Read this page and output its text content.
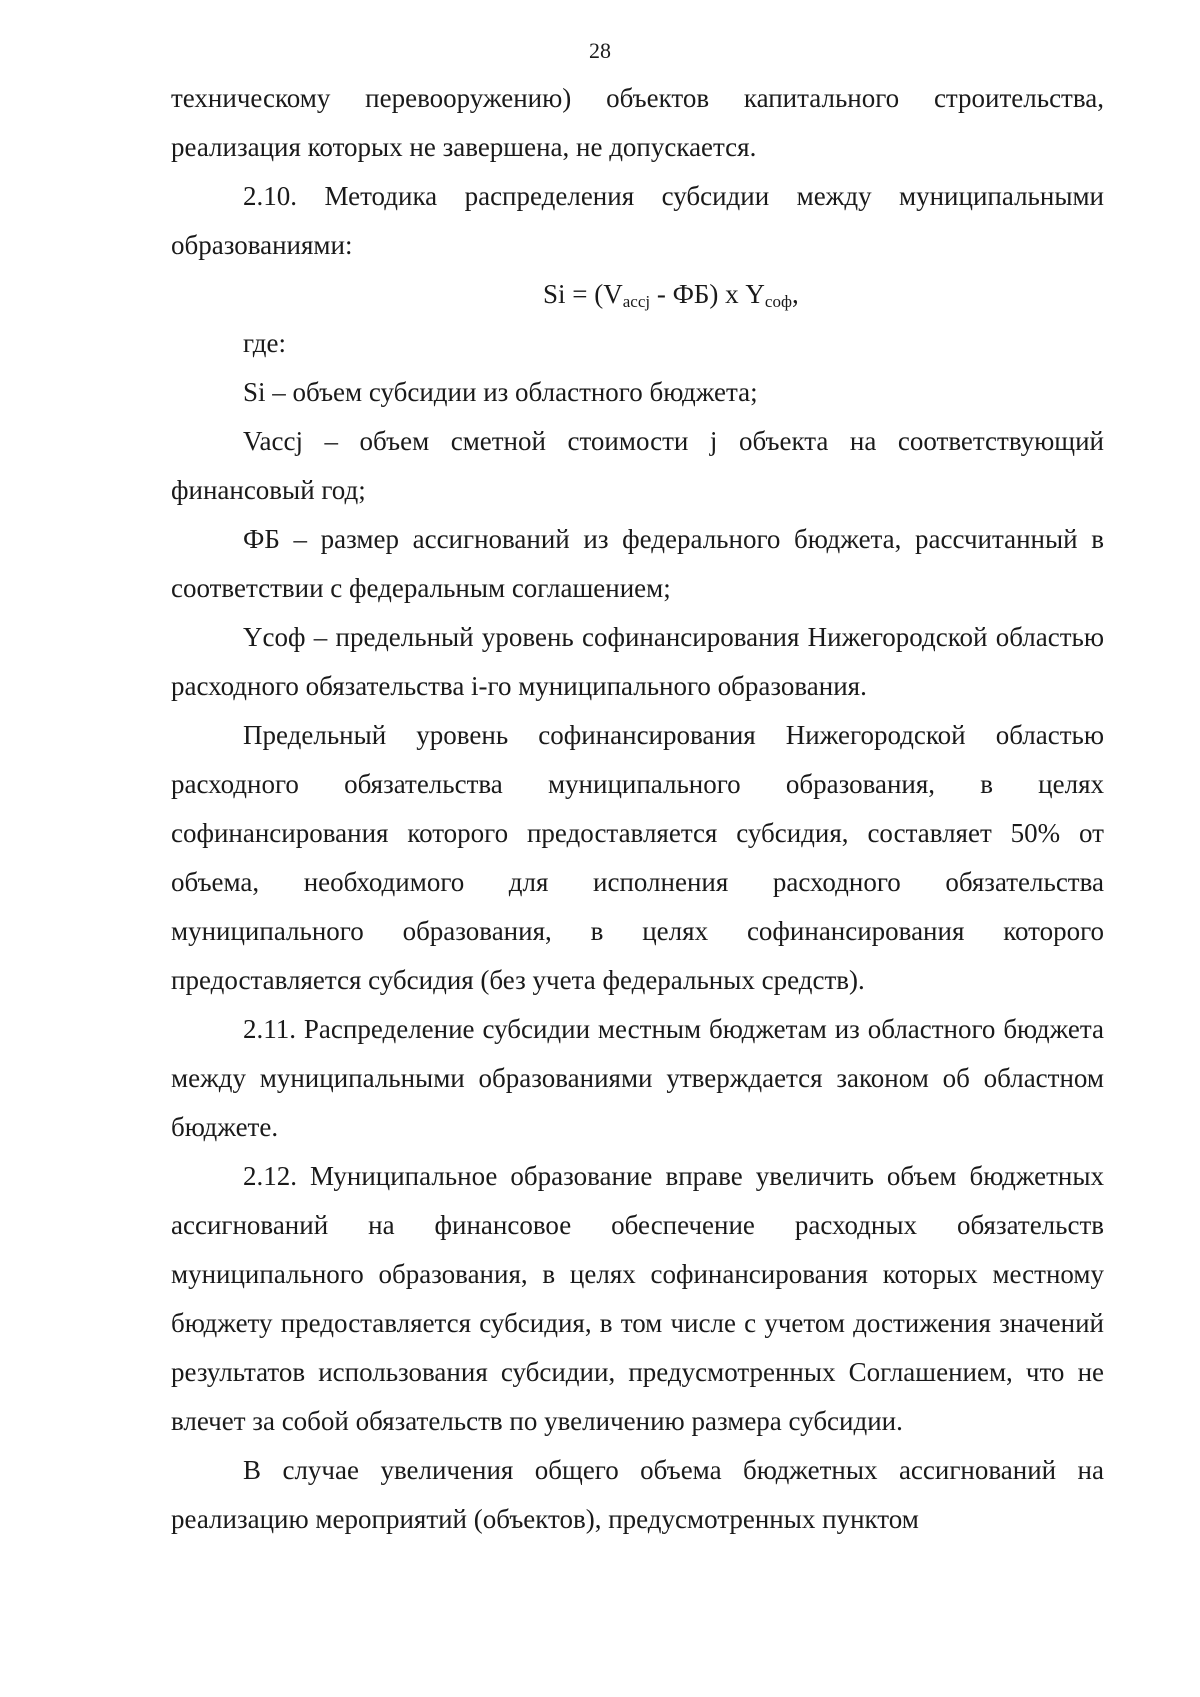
28

техническому перевооружению) объектов капитального строительства, реализация которых не завершена, не допускается.

2.10. Методика распределения субсидии между муниципальными образованиями:

$Si = (V_{accj} - ФБ)$ х $Y_{соф}$,

где:

Si – объем субсидии из областного бюджета;

Vaccj – объем сметной стоимости j объекта на соответствующий финансовый год;

ФБ – размер ассигнований из федерального бюджета, рассчитанный в соответствии с федеральным соглашением;

Yсоф – предельный уровень софинансирования Нижегородской областью расходного обязательства i-го муниципального образования.

Предельный уровень софинансирования Нижегородской областью расходного обязательства муниципального образования, в целях софинансирования которого предоставляется субсидия, составляет 50% от объема, необходимого для исполнения расходного обязательства муниципального образования, в целях софинансирования которого предоставляется субсидия (без учета федеральных средств).

2.11. Распределение субсидии местным бюджетам из областного бюджета между муниципальными образованиями утверждается законом об областном бюджете.

2.12. Муниципальное образование вправе увеличить объем бюджетных ассигнований на финансовое обеспечение расходных обязательств муниципального образования, в целях софинансирования которых местному бюджету предоставляется субсидия, в том числе с учетом достижения значений результатов использования субсидии, предусмотренных Соглашением, что не влечет за собой обязательств по увеличению размера субсидии.

В случае увеличения общего объема бюджетных ассигнований на реализацию мероприятий (объектов), предусмотренных пунктом
